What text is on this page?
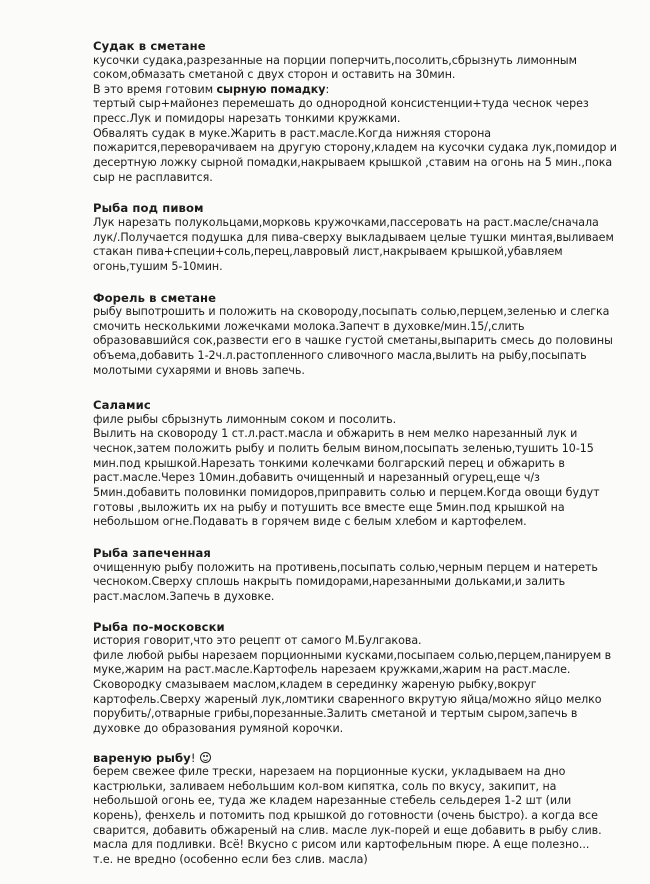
Судак в сметане
кусочки судака,разрезанные на порции поперчить,посолить,сбрызнуть лимонным
соком,обмазать сметаной с двух сторон и оставить на 30мин.
В это время готовим сырную помадку:
тертый сыр+майонез перемешать до однородной консистенции+туда чеснок через
пресс.Лук и помидоры нарезать тонкими кружками.
Обвалять судак в муке.Жарить в раст.масле.Когда нижняя сторона
пожарится,переворачиваем на другую сторону,кладем на кусочки судака лук,помидор и
десертную ложку сырной помадки,накрываем крышкой ,ставим на огонь на 5 мин.,пока
сыр не расплавится.
Рыба под пивом
Лук нарезать полукольцами,морковь кружочками,пассеровать на раст.масле/сначала
лук/.Получается подушка для пива-сверху выкладываем целые тушки минтая,выливаем
стакан пива+специи+соль,перец,лавровый лист,накрываем крышкой,убавляем
огонь,тушим 5-10мин.
Форель в сметане
рыбу выпотрошить и положить на сковороду,посыпать солью,перцем,зеленью и слегка
смочить несколькими ложечками молока.Запечт в духовке/мин.15/,слить
образовавшийся сок,развести его в чашке густой сметаны,выпарить смесь до половины
объема,добавить 1-2ч.л.растопленного сливочного масла,вылить на рыбу,посыпать
молотыми сухарями и вновь запечь.
Саламис
филе рыбы сбрызнуть лимонным соком и посолить.
Вылить на сковороду 1 ст.л.раст.масла и обжарить в нем мелко нарезанный лук и
чеснок,затем положить рыбу и полить белым вином,посыпать зеленью,тушить 10-15
мин.под крышкой.Нарезать тонкими колечками болгарский перец и обжарить в
раст.масле.Через 10мин.добавить очищенный и нарезанный огурец,еще ч/з
5мин.добавить половинки помидоров,приправить солью и перцем.Когда овощи будут
готовы ,выложить их на рыбу и потушить все вместе еще 5мин.под крышкой на
небольшом огне.Подавать в горячем виде с белым хлебом и картофелем.
Рыба запеченная
очищенную рыбу положить на противень,посыпать солью,черным перцем и натереть
чесноком.Сверху сплошь накрыть помидорами,нарезанными дольками,и залить
раст.маслом.Запечь в духовке.
Рыба по-московски
история говорит,что это рецепт от самого М.Булгакова.
филе любой рыбы нарезаем порционными кусками,посыпаем солью,перцем,панируем в
муке,жарим на раст.масле.Картофель нарезаем кружками,жарим на раст.масле.
Сковородку смазываем маслом,кладем в серединку жареную рыбку,вокруг
картофель.Сверху жареный лук,ломтики сваренного вкрутую яйца/можно яйцо мелко
порубить/,отварные грибы,порезанные.Залить сметаной и тертым сыром,запечь в
духовке до образования румяной корочки.
вареную рыбу!
берем свежее филе трески, нарезаем на порционные куски, укладываем на дно
кастрюльки, заливаем небольшим кол-вом кипятка, соль по вкусу, закипит, на
небольшой огонь ее, туда же кладем нарезанные стебель сельдерея 1-2 шт (или
корень), фенхель и потомить под крышкой до готовности (очень быстро). а когда все
сварится, добавить обжареный на слив. масле лук-порей и еще добавить в рыбу слив.
масла для подливки. Всё! Вкусно с рисом или картофельным пюре. А еще полезно...
т.е. не вредно (особенно если без слив. масла)
